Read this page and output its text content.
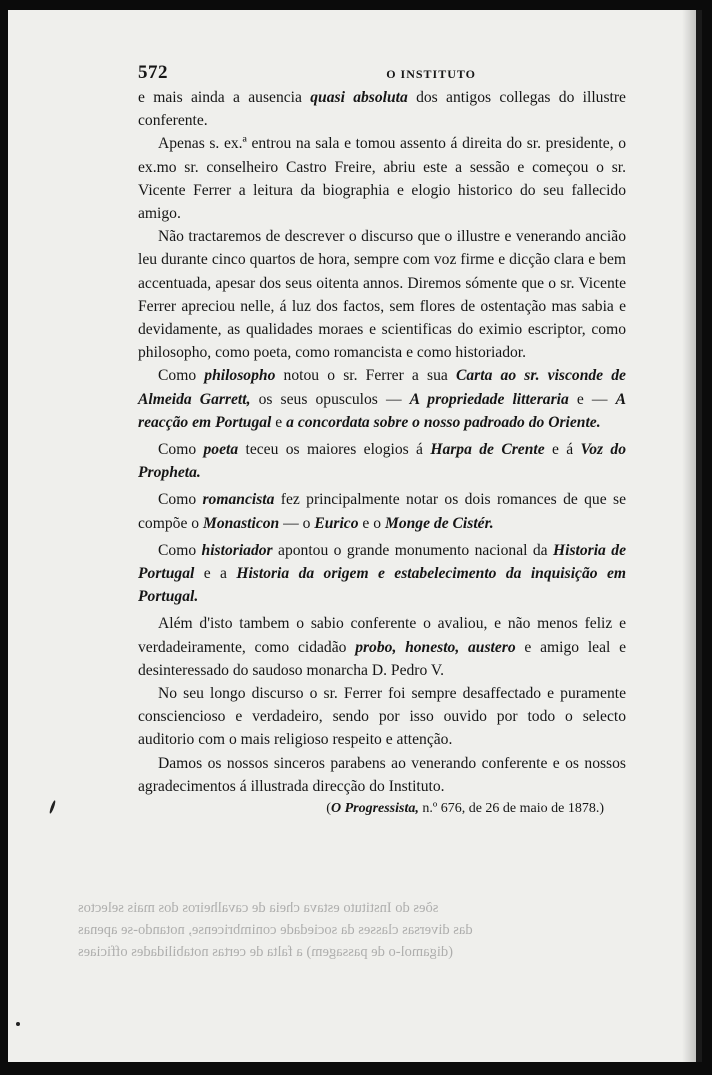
sões do Instituto estava cheia de cavalheiros dos mais selectos
das diversas classes da sociedade conimbricense, notando-se apenas
(digamol-o de passagem) a falta de certas notabilidades officiaes
572	O INSTITUTO

e mais ainda a ausencia quasi absoluta dos antigos collegas do illustre conferente.

Apenas s. ex.ª entrou na sala e tomou assento á direita do sr. presidente, o ex.mo sr. conselheiro Castro Freire, abriu este a sessão e começou o sr. Vicente Ferrer a leitura da biographia e elogio historico do seu fallecido amigo.

Não tractaremos de descrever o discurso que o illustre e venerando ancião leu durante cinco quartos de hora, sempre com voz firme e dicção clara e bem accentuada, apesar dos seus oitenta annos. Diremos sómente que o sr. Vicente Ferrer apreciou nelle, á luz dos factos, sem flores de ostentação mas sabia e devidamente, as qualidades moraes e scientificas do eximio escriptor, como philosopho, como poeta, como romancista e como historiador.

Como philosopho notou o sr. Ferrer a sua Carta ao sr. visconde de Almeida Garrett, os seus opusculos — A propriedade litteraria e — A reacção em Portugal e a concordata sobre o nosso padroado do Oriente.

Como poeta teceu os maiores elogios á Harpa de Crente e á Voz do Propheta.

Como romancista fez principalmente notar os dois romances de que se compõe o Monasticon — o Eurico e o Monge de Cistér.

Como historiador apontou o grande monumento nacional da Historia de Portugal e a Historia da origem e estabelecimento da inquisição em Portugal.

Além d'isto tambem o sabio conferente o avaliou, e não menos feliz e verdadeiramente, como cidadão probo, honesto, austero e amigo leal e desinteressado do saudoso monarcha D. Pedro V.

No seu longo discurso o sr. Ferrer foi sempre desaffectado e puramente consciencioso e verdadeiro, sendo por isso ouvido por todo o selecto auditorio com o mais religioso respeito e attenção.

Damos os nossos sinceros parabens ao venerando conferente e os nossos agradecimentos á illustrada direcção do Instituto.

(O Progressista, n.º 676, de 26 de maio de 1878.)
